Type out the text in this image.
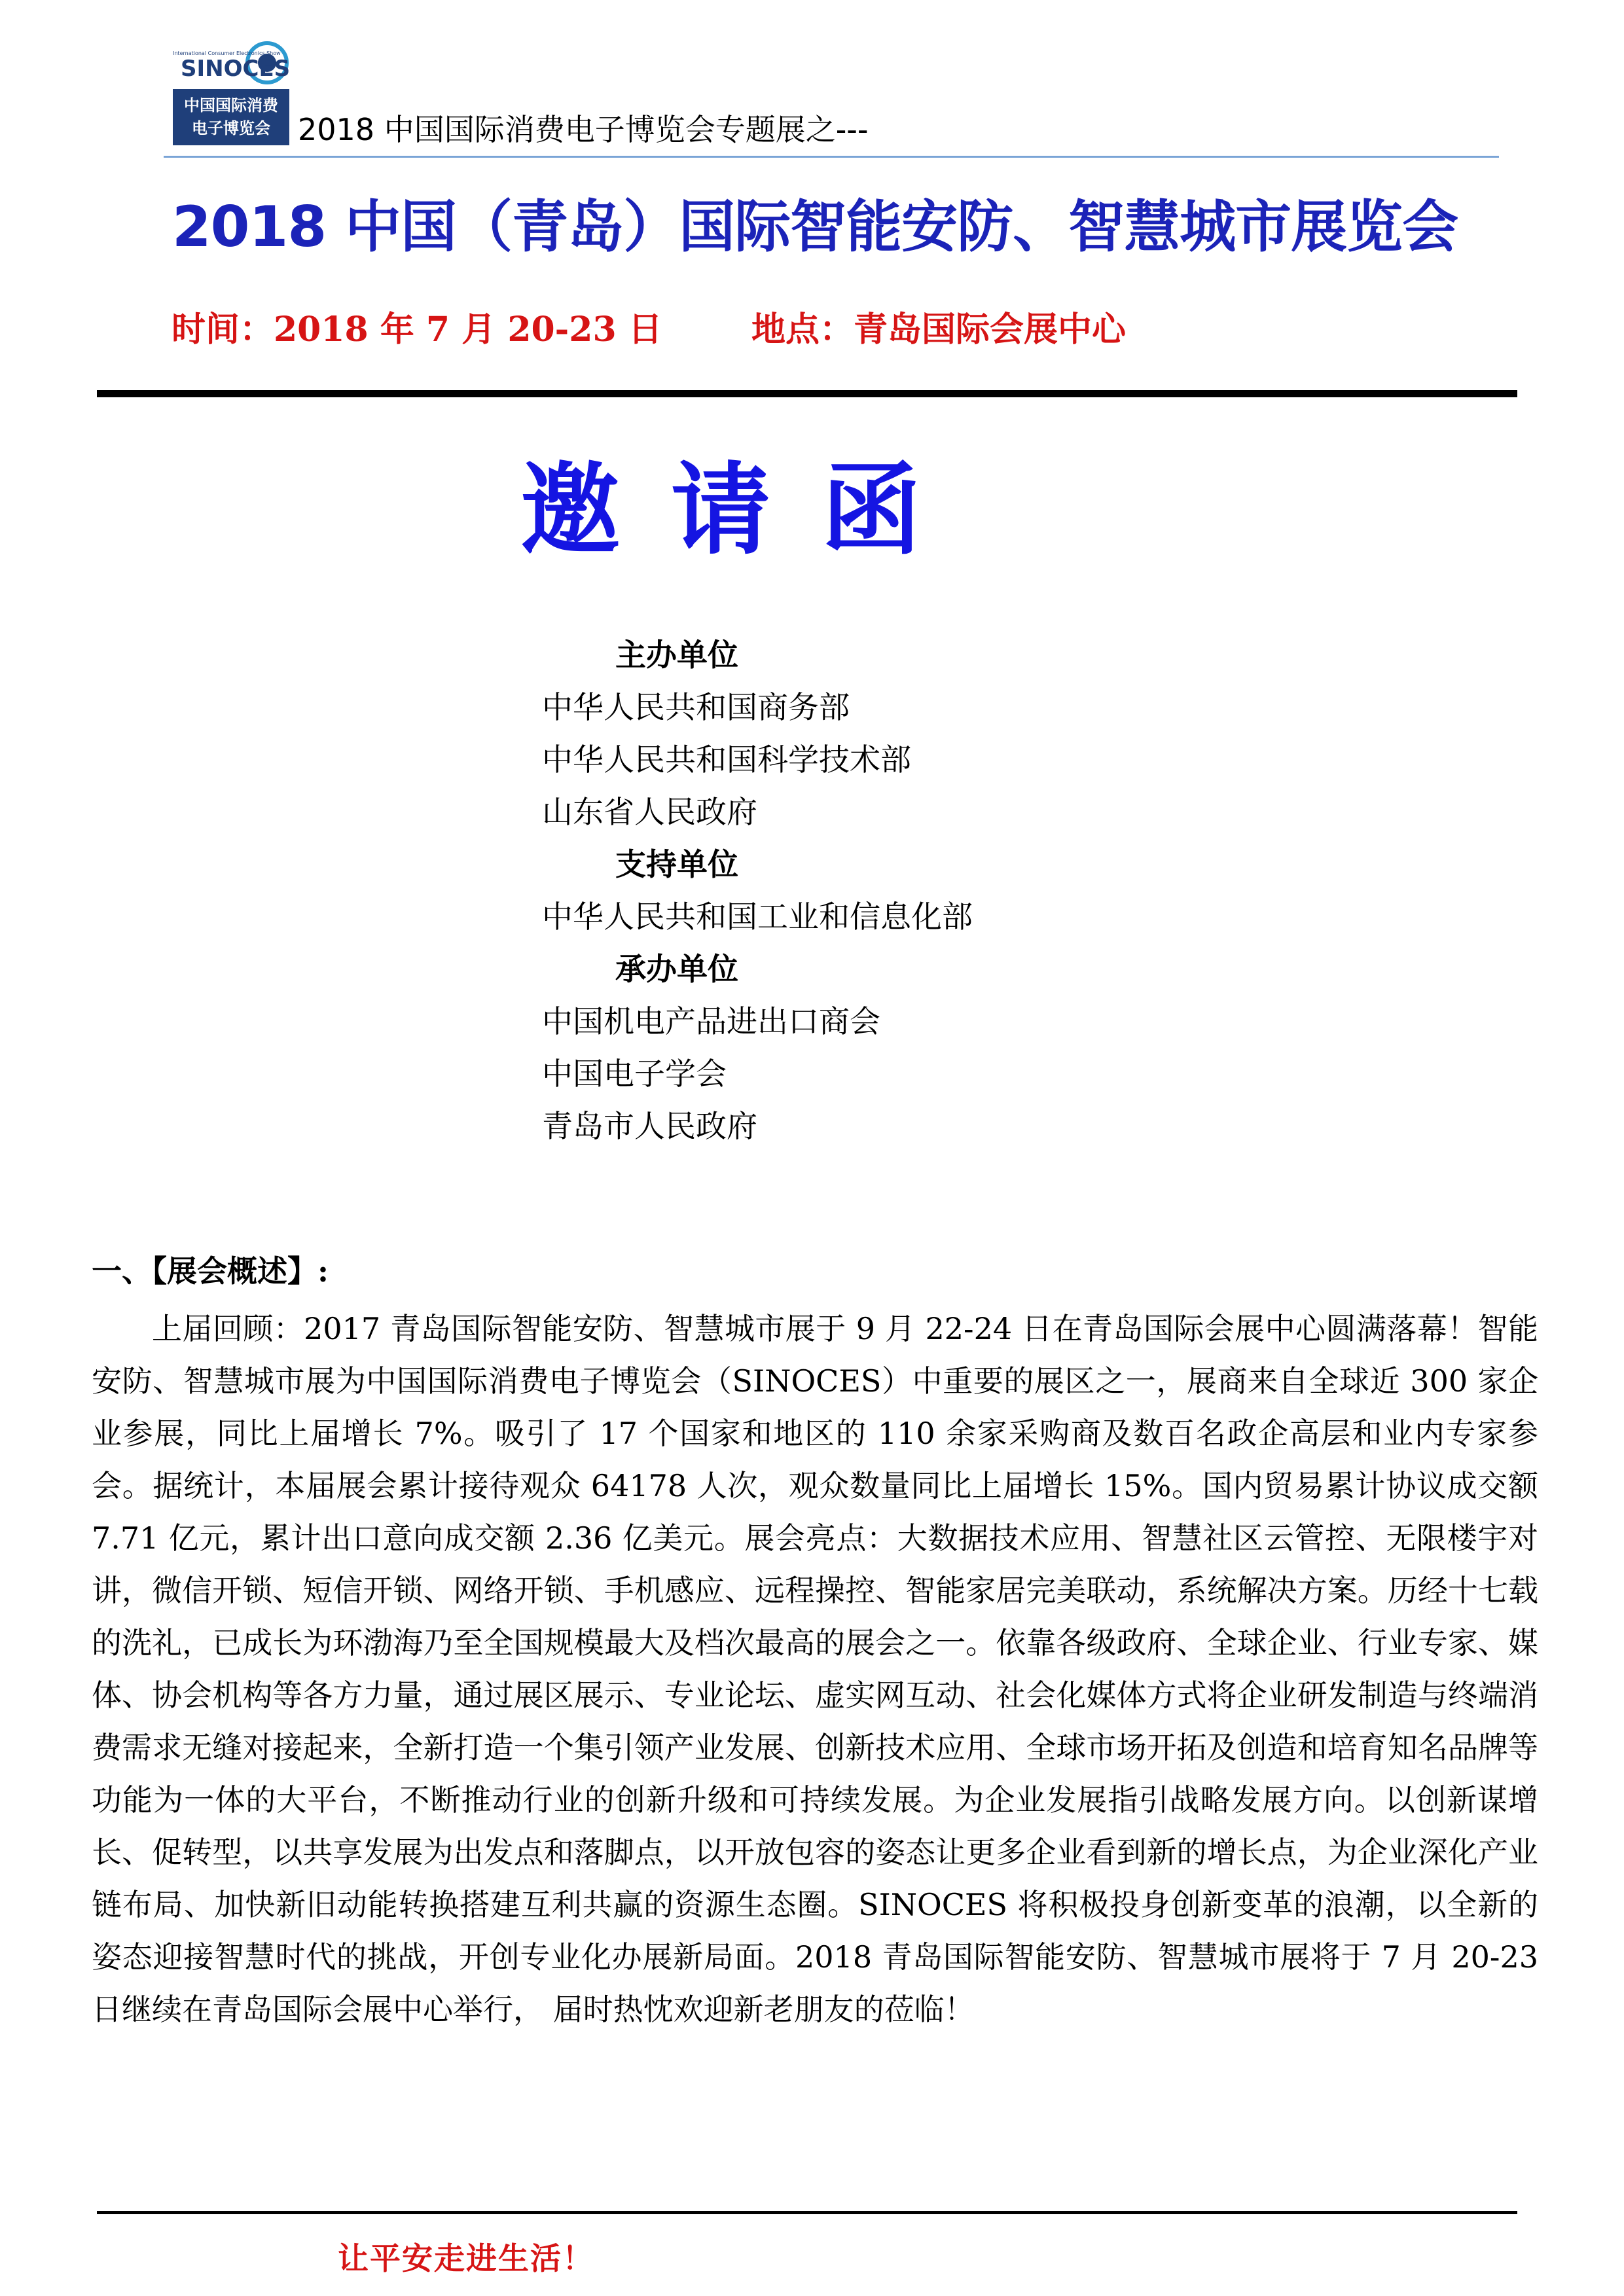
International Consumer Electronics Show
SINOCES
中国国际消费
电子博览会 2018 中国国际消费电子博览会专题展之---
2018 中国（青岛）国际智能安防、智慧城市展览会
时间：2018 年 7 月 20-23 日	地点：青岛国际会展中心
邀请函
主办单位
中华人民共和国商务部
中华人民共和国科学技术部
山东省人民政府
支持单位
中华人民共和国工业和信息化部
承办单位
中国机电产品进出口商会
中国电子学会
青岛市人民政府
一、【展会概述】:
上届回顾：2017 青岛国际智能安防、智慧城市展于 9 月 22-24 日在青岛国际会展中心圆满落幕！智能安防、智慧城市展为中国国际消费电子博览会（SINOCES）中重要的展区之一，展商来自全球近 300 家企业参展，同比上届增长 7%。吸引了 17 个国家和地区的 110 余家采购商及数百名政企高层和业内专家参会。据统计，本届展会累计接待观众 64178 人次，观众数量同比上届增长 15%。国内贸易累计协议成交额 7.71 亿元，累计出口意向成交额 2.36 亿美元。展会亮点：大数据技术应用、智慧社区云管控、无限楼宇对讲，微信开锁、短信开锁、网络开锁、手机感应、远程操控、智能家居完美联动，系统解决方案。历经十七载的洗礼，已成长为环渤海乃至全国规模最大及档次最高的展会之一。依靠各级政府、全球企业、行业专家、媒体、协会机构等各方力量，通过展区展示、专业论坛、虚实网互动、社会化媒体方式将企业研发制造与终端消费需求无缝对接起来，全新打造一个集引领产业发展、创新技术应用、全球市场开拓及创造和培育知名品牌等功能为一体的大平台，不断推动行业的创新升级和可持续发展。为企业发展指引战略发展方向。以创新谋增长、促转型，以共享发展为出发点和落脚点，以开放包容的姿态让更多企业看到新的增长点，为企业深化产业链布局、加快新旧动能转换搭建互利共赢的资源生态圈。SINOCES 将积极投身创新变革的浪潮，以全新的姿态迎接智慧时代的挑战，开创专业化办展新局面。2018 青岛国际智能安防、智慧城市展将于 7 月 20-23 日继续在青岛国际会展中心举行， 届时热忱欢迎新老朋友的莅临！
让平安走进生活！
